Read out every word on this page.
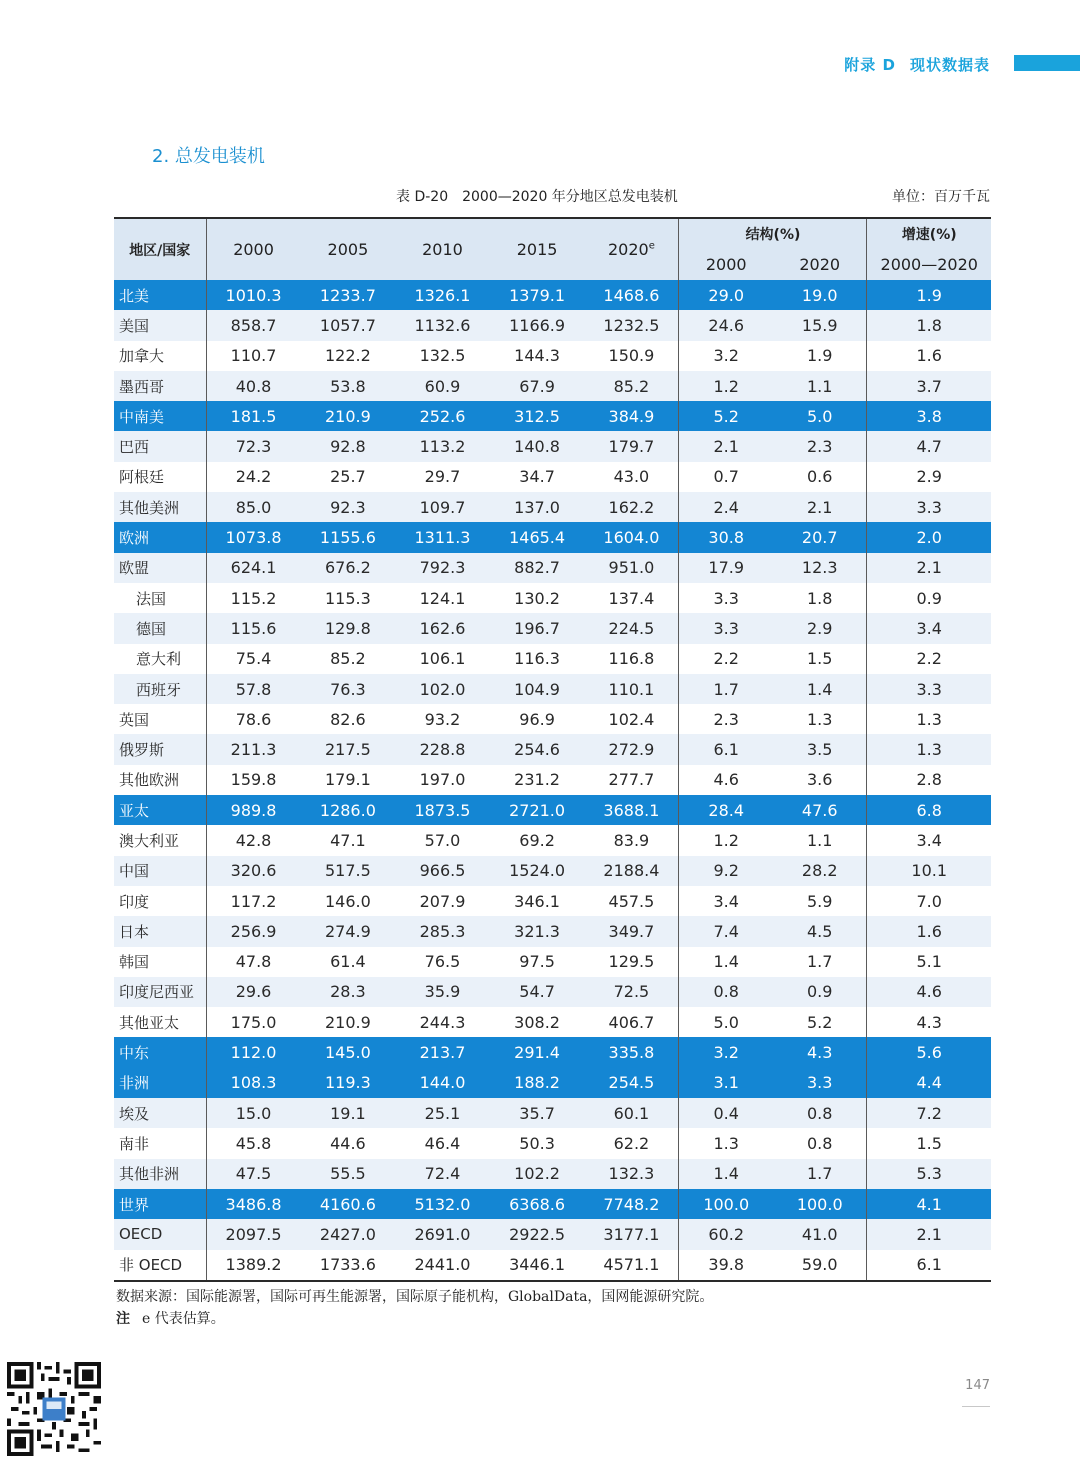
附录 D 现状数据表
2. 总发电装机
表 D-20　2000—2020 年分地区总发电装机	单位：百万千瓦
地区/国家	2000	2005	2010	2015	2020e	结构(%)		增速(%)
						2000	2020	2000—2020
北美	1010.3	1233.7	1326.1	1379.1	1468.6	29.0	19.0	1.9
美国	858.7	1057.7	1132.6	1166.9	1232.5	24.6	15.9	1.8
加拿大	110.7	122.2	132.5	144.3	150.9	3.2	1.9	1.6
墨西哥	40.8	53.8	60.9	67.9	85.2	1.2	1.1	3.7
中南美	181.5	210.9	252.6	312.5	384.9	5.2	5.0	3.8
巴西	72.3	92.8	113.2	140.8	179.7	2.1	2.3	4.7
阿根廷	24.2	25.7	29.7	34.7	43.0	0.7	0.6	2.9
其他美洲	85.0	92.3	109.7	137.0	162.2	2.4	2.1	3.3
欧洲	1073.8	1155.6	1311.3	1465.4	1604.0	30.8	20.7	2.0
欧盟	624.1	676.2	792.3	882.7	951.0	17.9	12.3	2.1
法国	115.2	115.3	124.1	130.2	137.4	3.3	1.8	0.9
德国	115.6	129.8	162.6	196.7	224.5	3.3	2.9	3.4
意大利	75.4	85.2	106.1	116.3	116.8	2.2	1.5	2.2
西班牙	57.8	76.3	102.0	104.9	110.1	1.7	1.4	3.3
英国	78.6	82.6	93.2	96.9	102.4	2.3	1.3	1.3
俄罗斯	211.3	217.5	228.8	254.6	272.9	6.1	3.5	1.3
其他欧洲	159.8	179.1	197.0	231.2	277.7	4.6	3.6	2.8
亚太	989.8	1286.0	1873.5	2721.0	3688.1	28.4	47.6	6.8
澳大利亚	42.8	47.1	57.0	69.2	83.9	1.2	1.1	3.4
中国	320.6	517.5	966.5	1524.0	2188.4	9.2	28.2	10.1
印度	117.2	146.0	207.9	346.1	457.5	3.4	5.9	7.0
日本	256.9	274.9	285.3	321.3	349.7	7.4	4.5	1.6
韩国	47.8	61.4	76.5	97.5	129.5	1.4	1.7	5.1
印度尼西亚	29.6	28.3	35.9	54.7	72.5	0.8	0.9	4.6
其他亚太	175.0	210.9	244.3	308.2	406.7	5.0	5.2	4.3
中东	112.0	145.0	213.7	291.4	335.8	3.2	4.3	5.6
非洲	108.3	119.3	144.0	188.2	254.5	3.1	3.3	4.4
埃及	15.0	19.1	25.1	35.7	60.1	0.4	0.8	7.2
南非	45.8	44.6	46.4	50.3	62.2	1.3	0.8	1.5
其他非洲	47.5	55.5	72.4	102.2	132.3	1.4	1.7	5.3
世界	3486.8	4160.6	5132.0	6368.6	7748.2	100.0	100.0	4.1
OECD	2097.5	2427.0	2691.0	2922.5	3177.1	60.2	41.0	2.1
非 OECD	1389.2	1733.6	2441.0	3446.1	4571.1	39.8	59.0	6.1
数据来源：国际能源署，国际可再生能源署，国际原子能机构，GlobalData，国网能源研究院。
注 e 代表估算。
147
